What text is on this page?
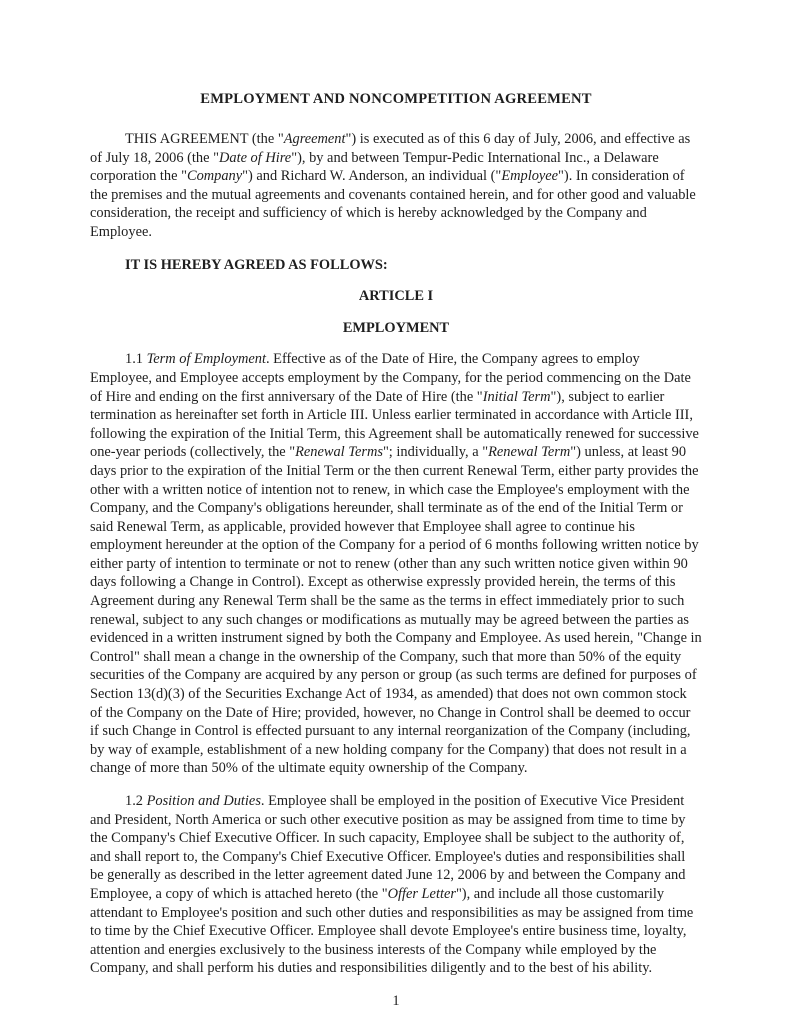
EMPLOYMENT AND NONCOMPETITION AGREEMENT

THIS AGREEMENT (the "Agreement") is executed as of this 6 day of July, 2006, and effective as of July 18, 2006 (the "Date of Hire"), by and between Tempur-Pedic International Inc., a Delaware corporation the "Company") and Richard W. Anderson, an individual ("Employee"). In consideration of the premises and the mutual agreements and covenants contained herein, and for other good and valuable consideration, the receipt and sufficiency of which is hereby acknowledged by the Company and Employee.

IT IS HEREBY AGREED AS FOLLOWS:
ARTICLE I
EMPLOYMENT

1.1 Term of Employment. Effective as of the Date of Hire, the Company agrees to employ Employee, and Employee accepts employment by the Company, for the period commencing on the Date of Hire and ending on the first anniversary of the Date of Hire (the "Initial Term"), subject to earlier termination as hereinafter set forth in Article III. Unless earlier terminated in accordance with Article III, following the expiration of the Initial Term, this Agreement shall be automatically renewed for successive one-year periods (collectively, the "Renewal Terms"; individually, a "Renewal Term") unless, at least 90 days prior to the expiration of the Initial Term or the then current Renewal Term, either party provides the other with a written notice of intention not to renew, in which case the Employee's employment with the Company, and the Company's obligations hereunder, shall terminate as of the end of the Initial Term or said Renewal Term, as applicable, provided however that Employee shall agree to continue his employment hereunder at the option of the Company for a period of 6 months following written notice by either party of intention to terminate or not to renew (other than any such written notice given within 90 days following a Change in Control). Except as otherwise expressly provided herein, the terms of this Agreement during any Renewal Term shall be the same as the terms in effect immediately prior to such renewal, subject to any such changes or modifications as mutually may be agreed between the parties as evidenced in a written instrument signed by both the Company and Employee. As used herein, "Change in Control" shall mean a change in the ownership of the Company, such that more than 50% of the equity securities of the Company are acquired by any person or group (as such terms are defined for purposes of Section 13(d)(3) of the Securities Exchange Act of 1934, as amended) that does not own common stock of the Company on the Date of Hire; provided, however, no Change in Control shall be deemed to occur if such Change in Control is effected pursuant to any internal reorganization of the Company (including, by way of example, establishment of a new holding company for the Company) that does not result in a change of more than 50% of the ultimate equity ownership of the Company.

1.2 Position and Duties. Employee shall be employed in the position of Executive Vice President and President, North America or such other executive position as may be assigned from time to time by the Company's Chief Executive Officer. In such capacity, Employee shall be subject to the authority of, and shall report to, the Company's Chief Executive Officer. Employee's duties and responsibilities shall be generally as described in the letter agreement dated June 12, 2006 by and between the Company and Employee, a copy of which is attached hereto (the "Offer Letter"), and include all those customarily attendant to Employee's position and such other duties and responsibilities as may be assigned from time to time by the Chief Executive Officer. Employee shall devote Employee's entire business time, loyalty, attention and energies exclusively to the business interests of the Company while employed by the Company, and shall perform his duties and responsibilities diligently and to the best of his ability.

1
